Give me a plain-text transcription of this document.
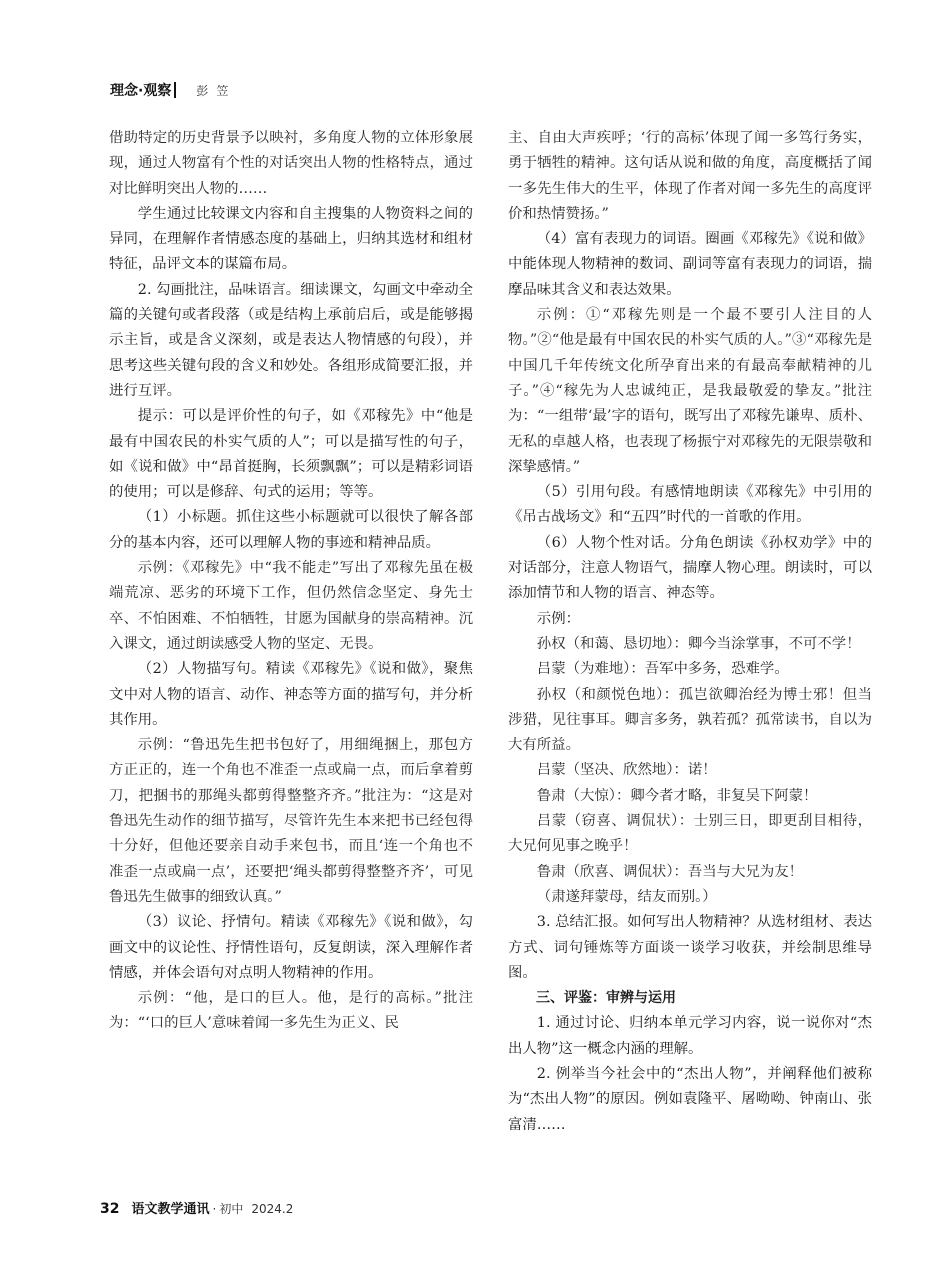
理念·观察 彭笠

借助特定的历史背景予以映衬，多角度人物的立体形象展现，通过人物富有个性的对话突出人物的性格特点，通过对比鲜明突出人物的……

学生通过比较课文内容和自主搜集的人物资料之间的异同，在理解作者情感态度的基础上，归纳其选材和组材特征，品评文本的谋篇布局。

2. 勾画批注，品味语言。细读课文，勾画文中牵动全篇的关键句或者段落（或是结构上承前启后，或是能够揭示主旨，或是含义深刻，或是表达人物情感的句段），并思考这些关键句段的含义和妙处。各组形成简要汇报，并进行互评。

提示：可以是评价性的句子，如《邓稼先》中“他是最有中国农民的朴实气质的人”；可以是描写性的句子，如《说和做》中“昂首挺胸，长须飘飘”；可以是精彩词语的使用；可以是修辞、句式的运用；等等。

（1）小标题。抓住这些小标题就可以很快了解各部分的基本内容，还可以理解人物的事迹和精神品质。

示例：《邓稼先》中“我不能走”写出了邓稼先虽在极端荒凉、恶劣的环境下工作，但仍然信念坚定、身先士卒、不怕困难、不怕牺牲，甘愿为国献身的崇高精神。沉入课文，通过朗读感受人物的坚定、无畏。

（2）人物描写句。精读《邓稼先》《说和做》，聚焦文中对人物的语言、动作、神态等方面的描写句，并分析其作用。

示例：“鲁迅先生把书包好了，用细绳捆上，那包方方正正的，连一个角也不准歪一点或扁一点，而后拿着剪刀，把捆书的那绳头都剪得整整齐齐。”批注为：“这是对鲁迅先生动作的细节描写，尽管许先生本来把书已经包得十分好，但他还要亲自动手来包书，而且‘连一个角也不准歪一点或扁一点’，还要把‘绳头都剪得整整齐齐’，可见鲁迅先生做事的细致认真。”

（3）议论、抒情句。精读《邓稼先》《说和做》，勾画文中的议论性、抒情性语句，反复朗读，深入理解作者情感，并体会语句对点明人物精神的作用。

示例：“他，是口的巨人。他，是行的高标。”批注为：“‘口的巨人’意味着闻一多先生为正义、民

主、自由大声疾呼；‘行的高标’体现了闻一多笃行务实，勇于牺牲的精神。这句话从说和做的角度，高度概括了闻一多先生伟大的生平，体现了作者对闻一多先生的高度评价和热情赞扬。”

（4）富有表现力的词语。圈画《邓稼先》《说和做》中能体现人物精神的数词、副词等富有表现力的词语，揣摩品味其含义和表达效果。

示例：①“邓稼先则是一个最不要引人注目的人物。”②“他是最有中国农民的朴实气质的人。”③“邓稼先是中国几千年传统文化所孕育出来的有最高奉献精神的儿子。”④“稼先为人忠诚纯正，是我最敬爱的挚友。”批注为：“一组带‘最’字的语句，既写出了邓稼先谦卑、质朴、无私的卓越人格，也表现了杨振宁对邓稼先的无限崇敬和深挚感情。”

（5）引用句段。有感情地朗读《邓稼先》中引用的《吊古战场文》和“五四”时代的一首歌的作用。

（6）人物个性对话。分角色朗读《孙权劝学》中的对话部分，注意人物语气，揣摩人物心理。朗读时，可以添加情节和人物的语言、神态等。

示例：

孙权（和蔼、恳切地）：卿今当涂掌事，不可不学！

吕蒙（为难地）：吾军中多务，恐难学。

孙权（和颜悦色地）：孤岂欲卿治经为博士邪！但当涉猎，见往事耳。卿言多务，孰若孤？孤常读书，自以为大有所益。

吕蒙（坚决、欣然地）：诺！

鲁肃（大惊）：卿今者才略，非复吴下阿蒙！

吕蒙（窃喜、调侃状）：士别三日，即更刮目相待，大兄何见事之晚乎！

鲁肃（欣喜、调侃状）：吾当与大兄为友！

（肃遂拜蒙母，结友而别。）

3. 总结汇报。如何写出人物精神？从选材组材、表达方式、词句锤炼等方面谈一谈学习收获，并绘制思维导图。

三、评鉴：审辨与运用

1. 通过讨论、归纳本单元学习内容，说一说你对“杰出人物”这一概念内涵的理解。

2. 例举当今社会中的“杰出人物”，并阐释他们被称为“杰出人物”的原因。例如袁隆平、屠呦呦、钟南山、张富清……

32 语文教学通讯 · 初中 2024.2
